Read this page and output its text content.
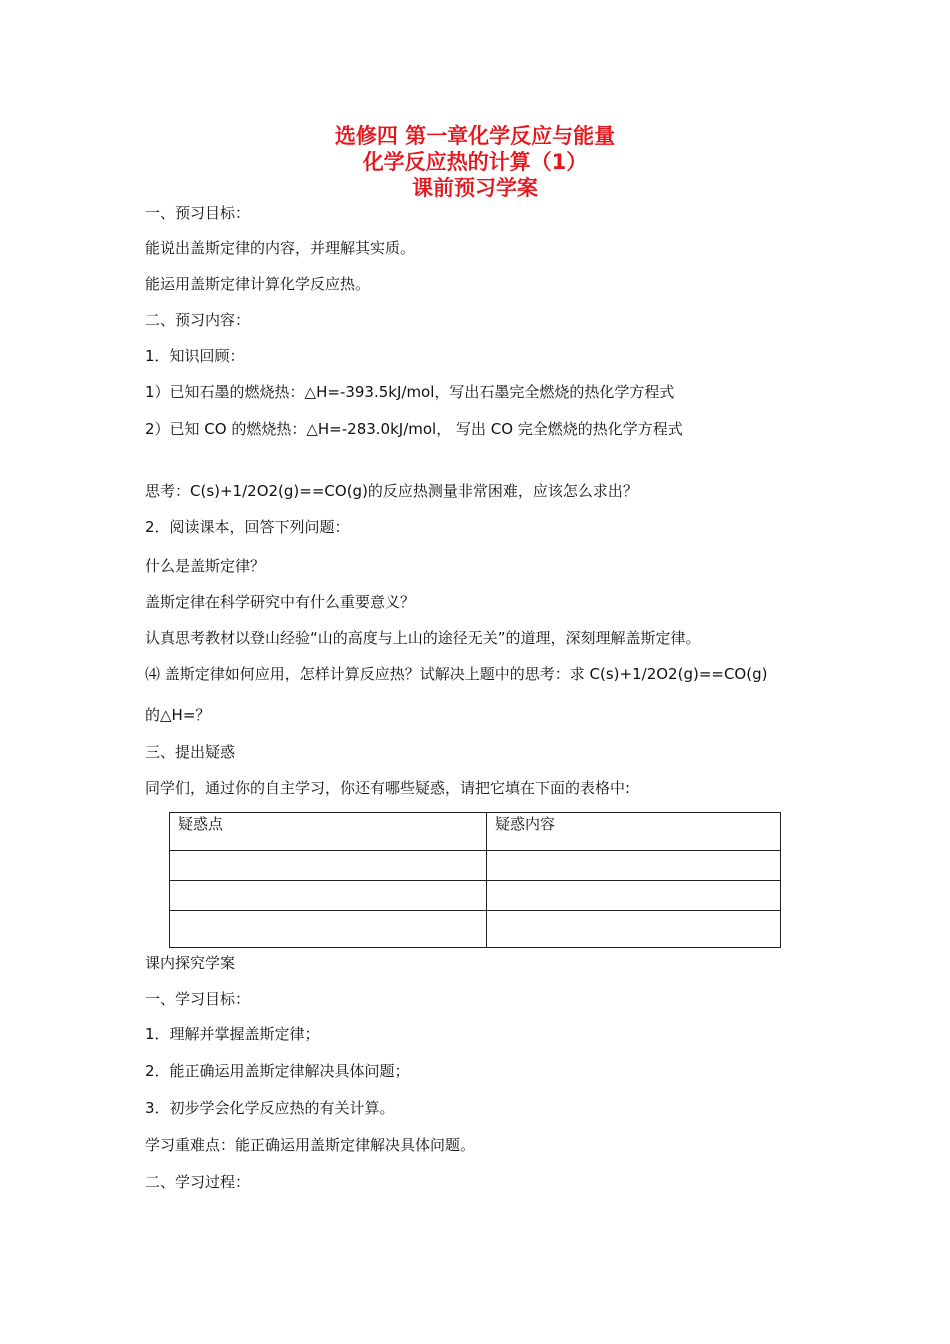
选修四 第一章化学反应与能量
化学反应热的计算（1）
课前预习学案
一、预习目标：
能说出盖斯定律的内容，并理解其实质。
能运用盖斯定律计算化学反应热。
二、预习内容：
1．知识回顾：
1）已知石墨的燃烧热：△H=-393.5kJ/mol，写出石墨完全燃烧的热化学方程式
2）已知 CO 的燃烧热：△H=-283.0kJ/mol， 写出 CO 完全燃烧的热化学方程式
思考：C(s)+1/2O2(g)==CO(g)的反应热测量非常困难，应该怎么求出？
2．阅读课本，回答下列问题：
什么是盖斯定律？
盖斯定律在科学研究中有什么重要意义？
认真思考教材以登山经验“山的高度与上山的途径无关”的道理，深刻理解盖斯定律。
⑷ 盖斯定律如何应用，怎样计算反应热？试解决上题中的思考：求 C(s)+1/2O2(g)==CO(g)
的△H=？
三、提出疑惑
同学们，通过你的自主学习，你还有哪些疑惑，请把它填在下面的表格中:
疑惑点	疑惑内容

课内探究学案
一、学习目标：
1．理解并掌握盖斯定律；
2．能正确运用盖斯定律解决具体问题；
3．初步学会化学反应热的有关计算。
学习重难点：能正确运用盖斯定律解决具体问题。
二、学习过程：
